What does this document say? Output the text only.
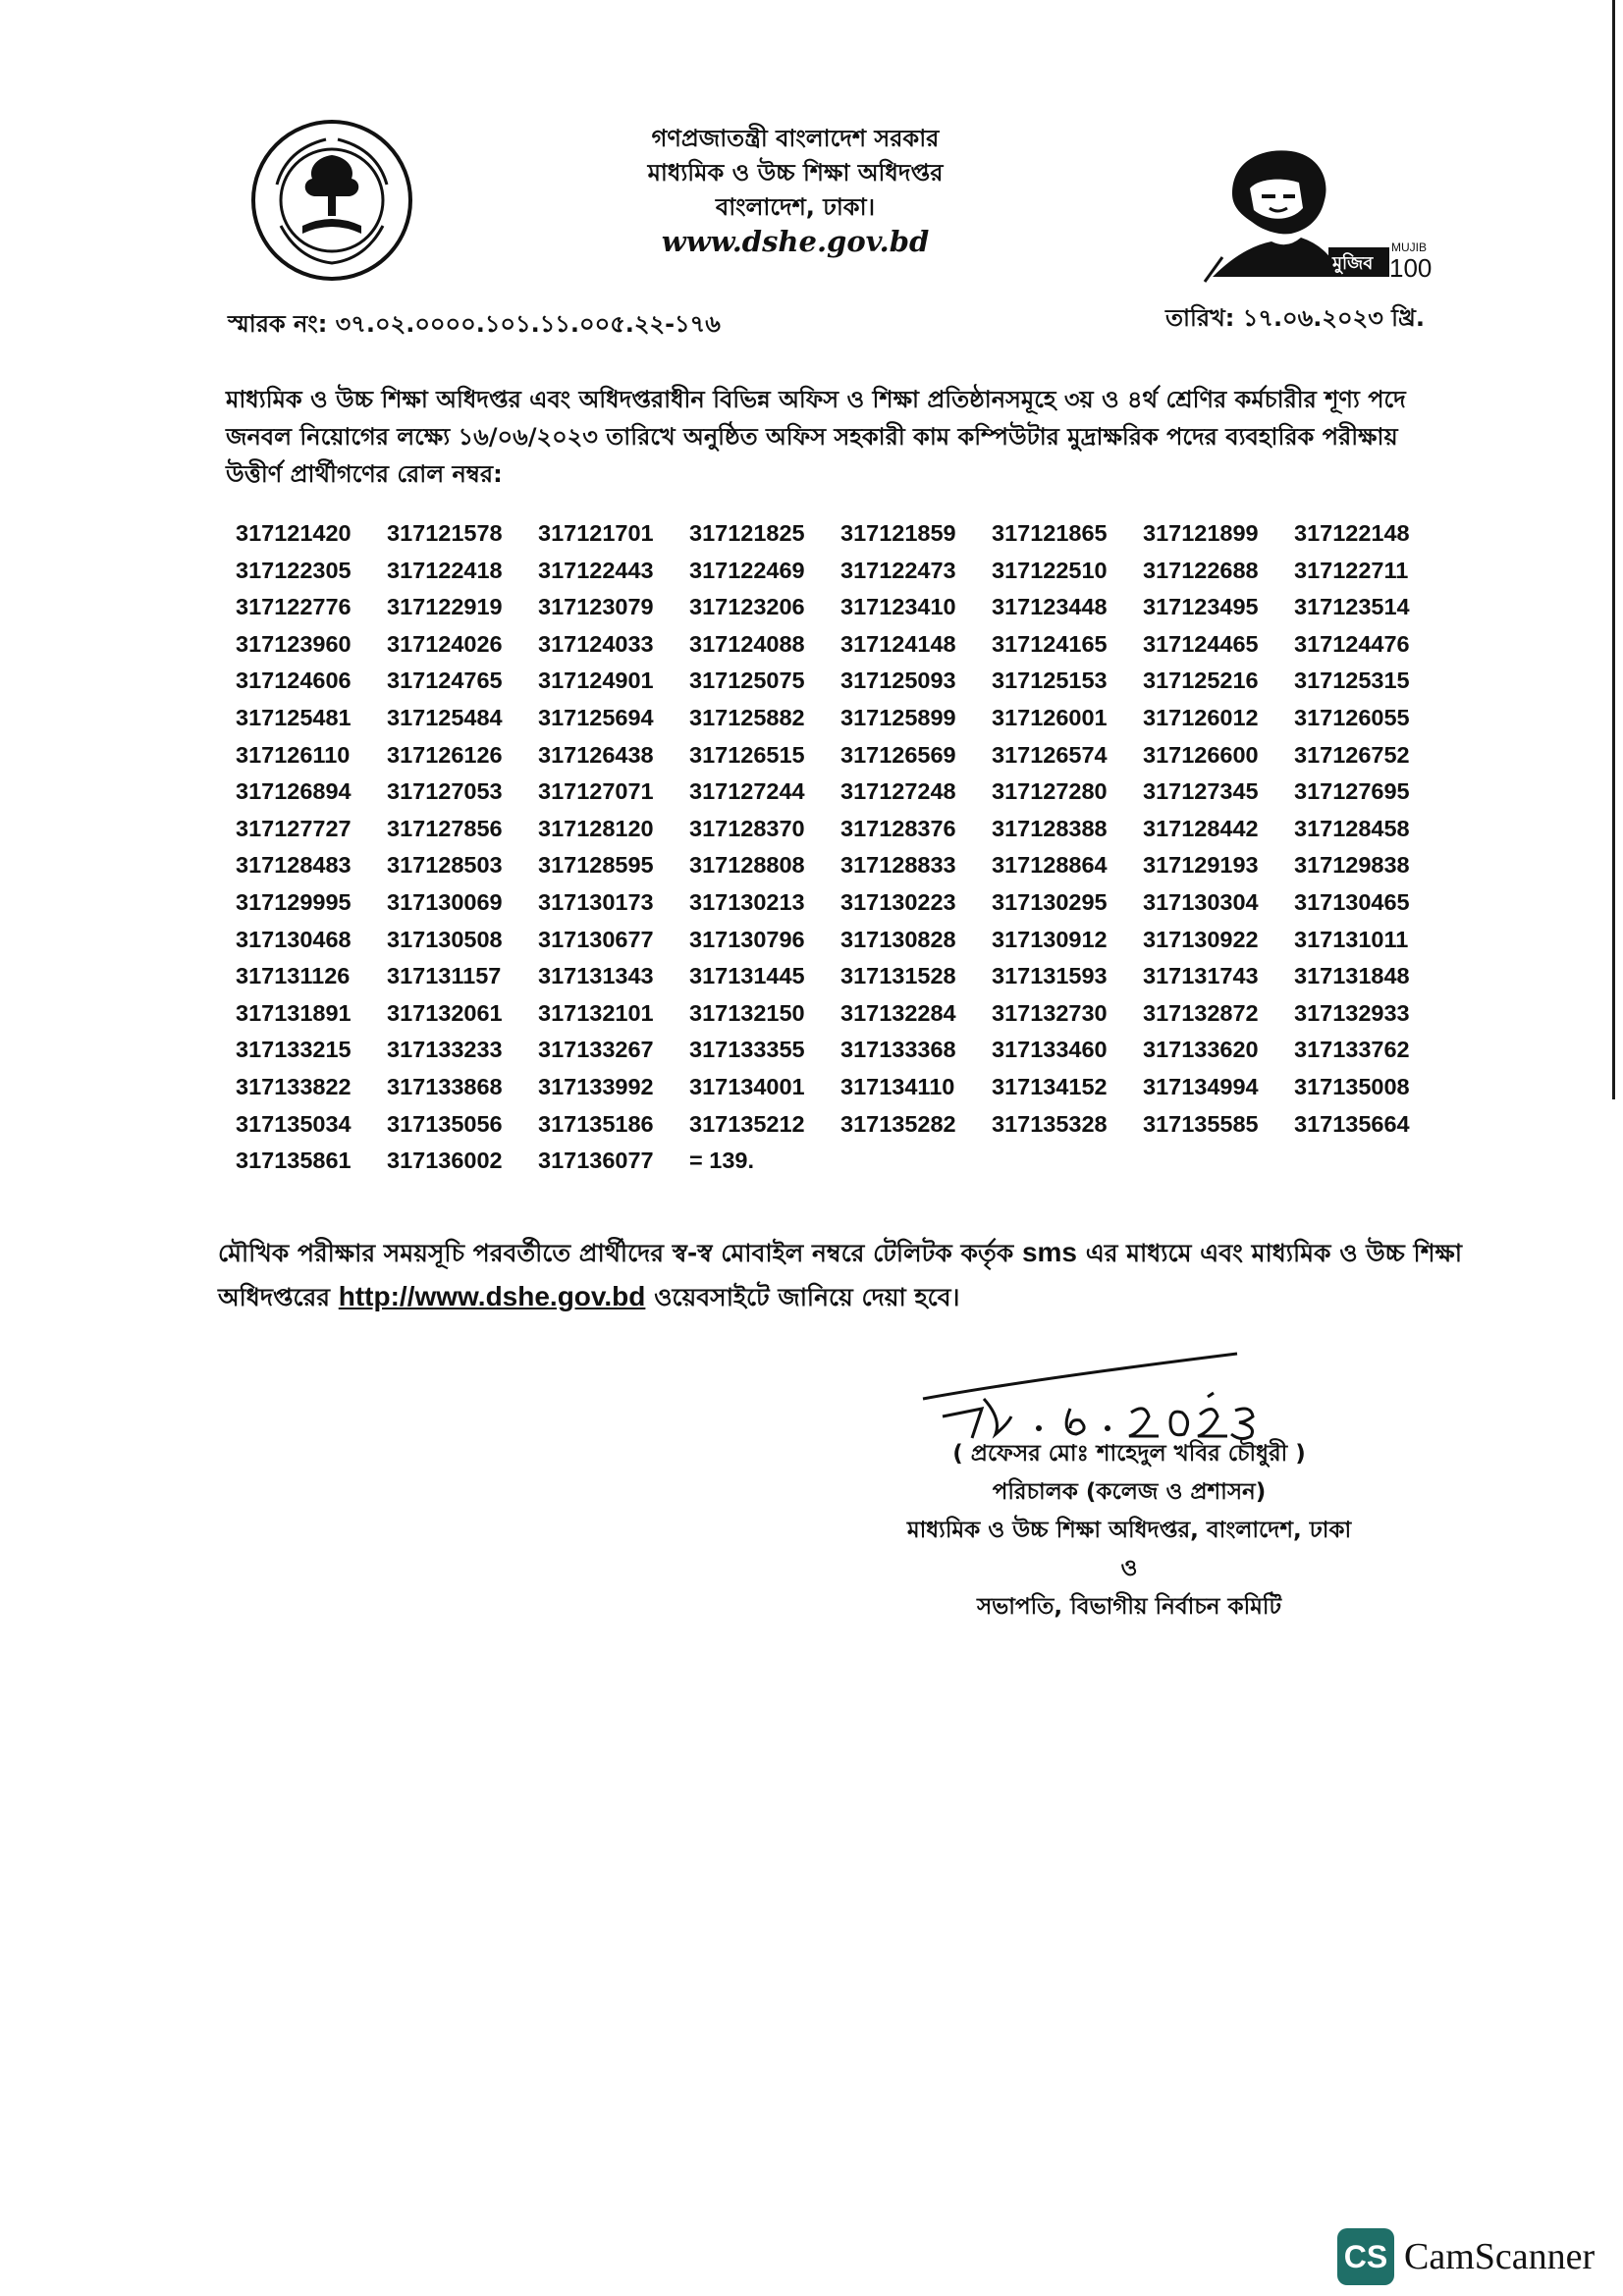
গণপ্রজাতন্ত্রী বাংলাদেশ সরকার
মাধ্যমিক ও উচ্চ শিক্ষা অধিদপ্তর
বাংলাদেশ, ঢাকা।
www.dshe.gov.bd
মুজিব
MUJIB
100
স্মারক নং: ৩৭.০২.০০০০.১০১.১১.০০৫.২২-১৭৬	তারিখ: ১৭.০৬.২০২৩ খ্রি.
মাধ্যমিক ও উচ্চ শিক্ষা অধিদপ্তর এবং অধিদপ্তরাধীন বিভিন্ন অফিস ও শিক্ষা প্রতিষ্ঠানসমূহে ৩য় ও ৪র্থ শ্রেণির কর্মচারীর শূণ্য পদে জনবল নিয়োগের লক্ষ্যে ১৬/০৬/২০২৩ তারিখে অনুষ্ঠিত অফিস সহকারী কাম কম্পিউটার মুদ্রাক্ষরিক পদের ব্যবহারিক পরীক্ষায় উত্তীর্ণ প্রার্থীগণের রোল নম্বর:
317121420	317121578	317121701	317121825	317121859	317121865	317121899	317122148
317122305	317122418	317122443	317122469	317122473	317122510	317122688	317122711
317122776	317122919	317123079	317123206	317123410	317123448	317123495	317123514
317123960	317124026	317124033	317124088	317124148	317124165	317124465	317124476
317124606	317124765	317124901	317125075	317125093	317125153	317125216	317125315
317125481	317125484	317125694	317125882	317125899	317126001	317126012	317126055
317126110	317126126	317126438	317126515	317126569	317126574	317126600	317126752
317126894	317127053	317127071	317127244	317127248	317127280	317127345	317127695
317127727	317127856	317128120	317128370	317128376	317128388	317128442	317128458
317128483	317128503	317128595	317128808	317128833	317128864	317129193	317129838
317129995	317130069	317130173	317130213	317130223	317130295	317130304	317130465
317130468	317130508	317130677	317130796	317130828	317130912	317130922	317131011
317131126	317131157	317131343	317131445	317131528	317131593	317131743	317131848
317131891	317132061	317132101	317132150	317132284	317132730	317132872	317132933
317133215	317133233	317133267	317133355	317133368	317133460	317133620	317133762
317133822	317133868	317133992	317134001	317134110	317134152	317134994	317135008
317135034	317135056	317135186	317135212	317135282	317135328	317135585	317135664
317135861	317136002	317136077	= 139.
মৌখিক পরীক্ষার সময়সূচি পরবর্তীতে প্রার্থীদের স্ব-স্ব মোবাইল নম্বরে টেলিটক কর্তৃক sms এর মাধ্যমে এবং মাধ্যমিক ও উচ্চ শিক্ষা অধিদপ্তরের http://www.dshe.gov.bd ওয়েবসাইটে জানিয়ে দেয়া হবে।
( প্রফেসর মোঃ শাহেদুল খবির চৌধুরী )
পরিচালক (কলেজ ও প্রশাসন)
মাধ্যমিক ও উচ্চ শিক্ষা অধিদপ্তর, বাংলাদেশ, ঢাকা
ও
সভাপতি, বিভাগীয় নির্বাচন কমিটি
CS CamScanner
